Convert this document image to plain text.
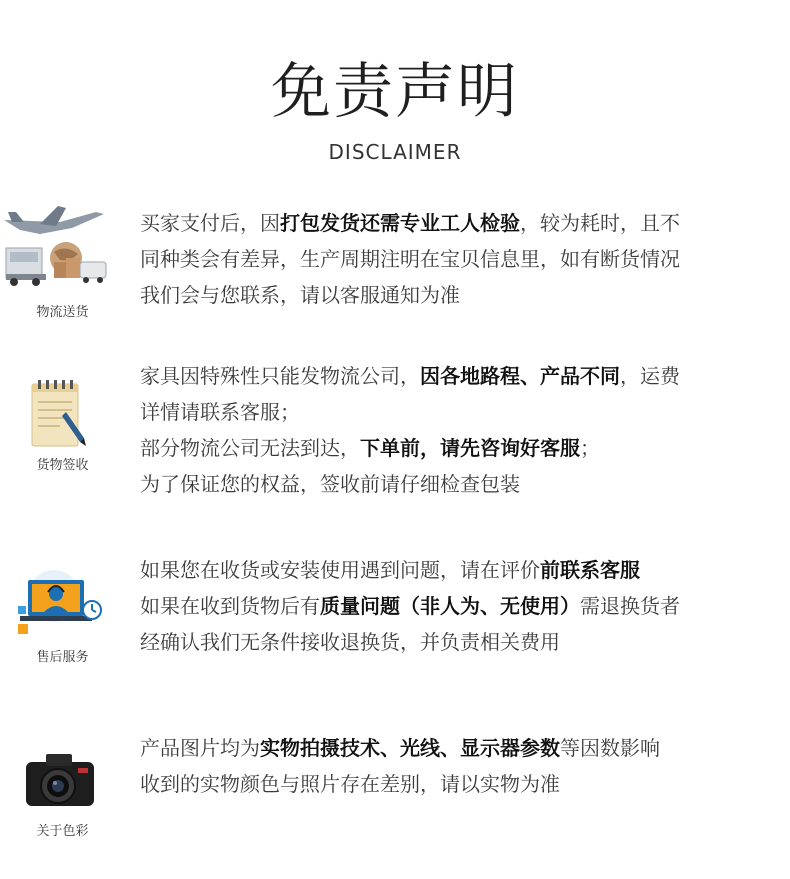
免责声明
DISCLAIMER
物流送货

买家支付后，因打包发货还需专业工人检验，较为耗时，且不

同种类会有差异，生产周期注明在宝贝信息里，如有断货情况

我们会与您联系，请以客服通知为准

货物签收

家具因特殊性只能发物流公司，因各地路程、产品不同，运费

详情请联系客服；

部分物流公司无法到达，下单前，请先咨询好客服；

为了保证您的权益，签收前请仔细检查包装

售后服务

如果您在收货或安装使用遇到问题，请在评价前联系客服

如果在收到货物后有质量问题（非人为、无使用）需退换货者

经确认我们无条件接收退换货，并负责相关费用

关于色彩

产品图片均为实物拍摄技术、光线、显示器参数等因数影响

收到的实物颜色与照片存在差别，请以实物为准
